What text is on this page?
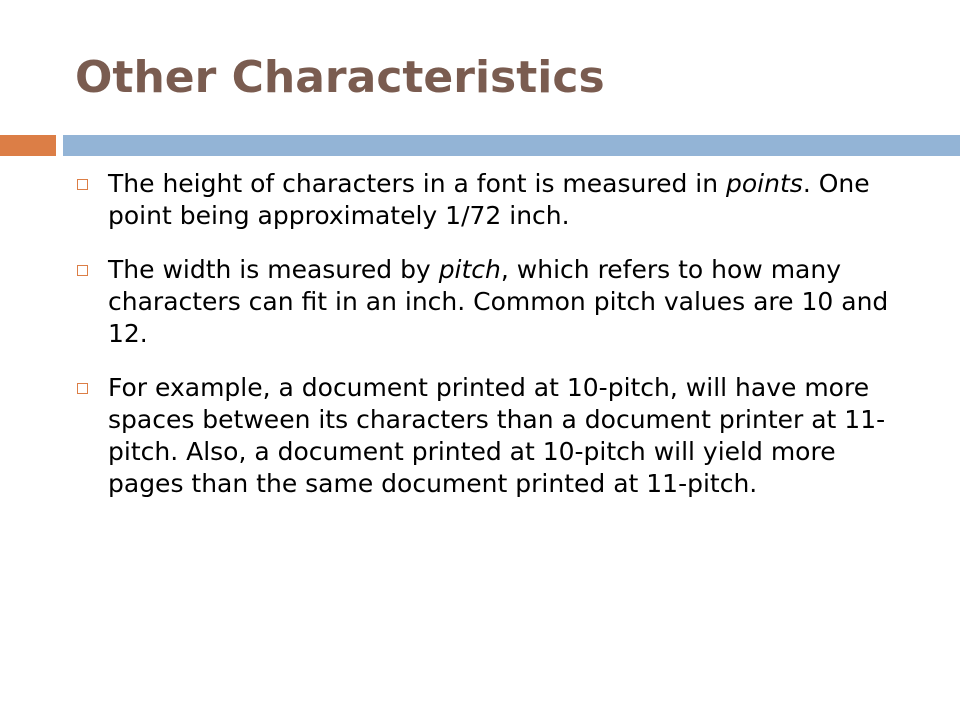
Other Characteristics
The height of characters in a font is measured in points. One point being approximately 1/72 inch.
The width is measured by pitch, which refers to how many characters can fit in an inch. Common pitch values are 10 and 12.
For example, a document printed at 10-pitch, will have more spaces between its characters than a document printer at 11-pitch. Also, a document printed at 10-pitch will yield more pages than the same document printed at 11-pitch.
